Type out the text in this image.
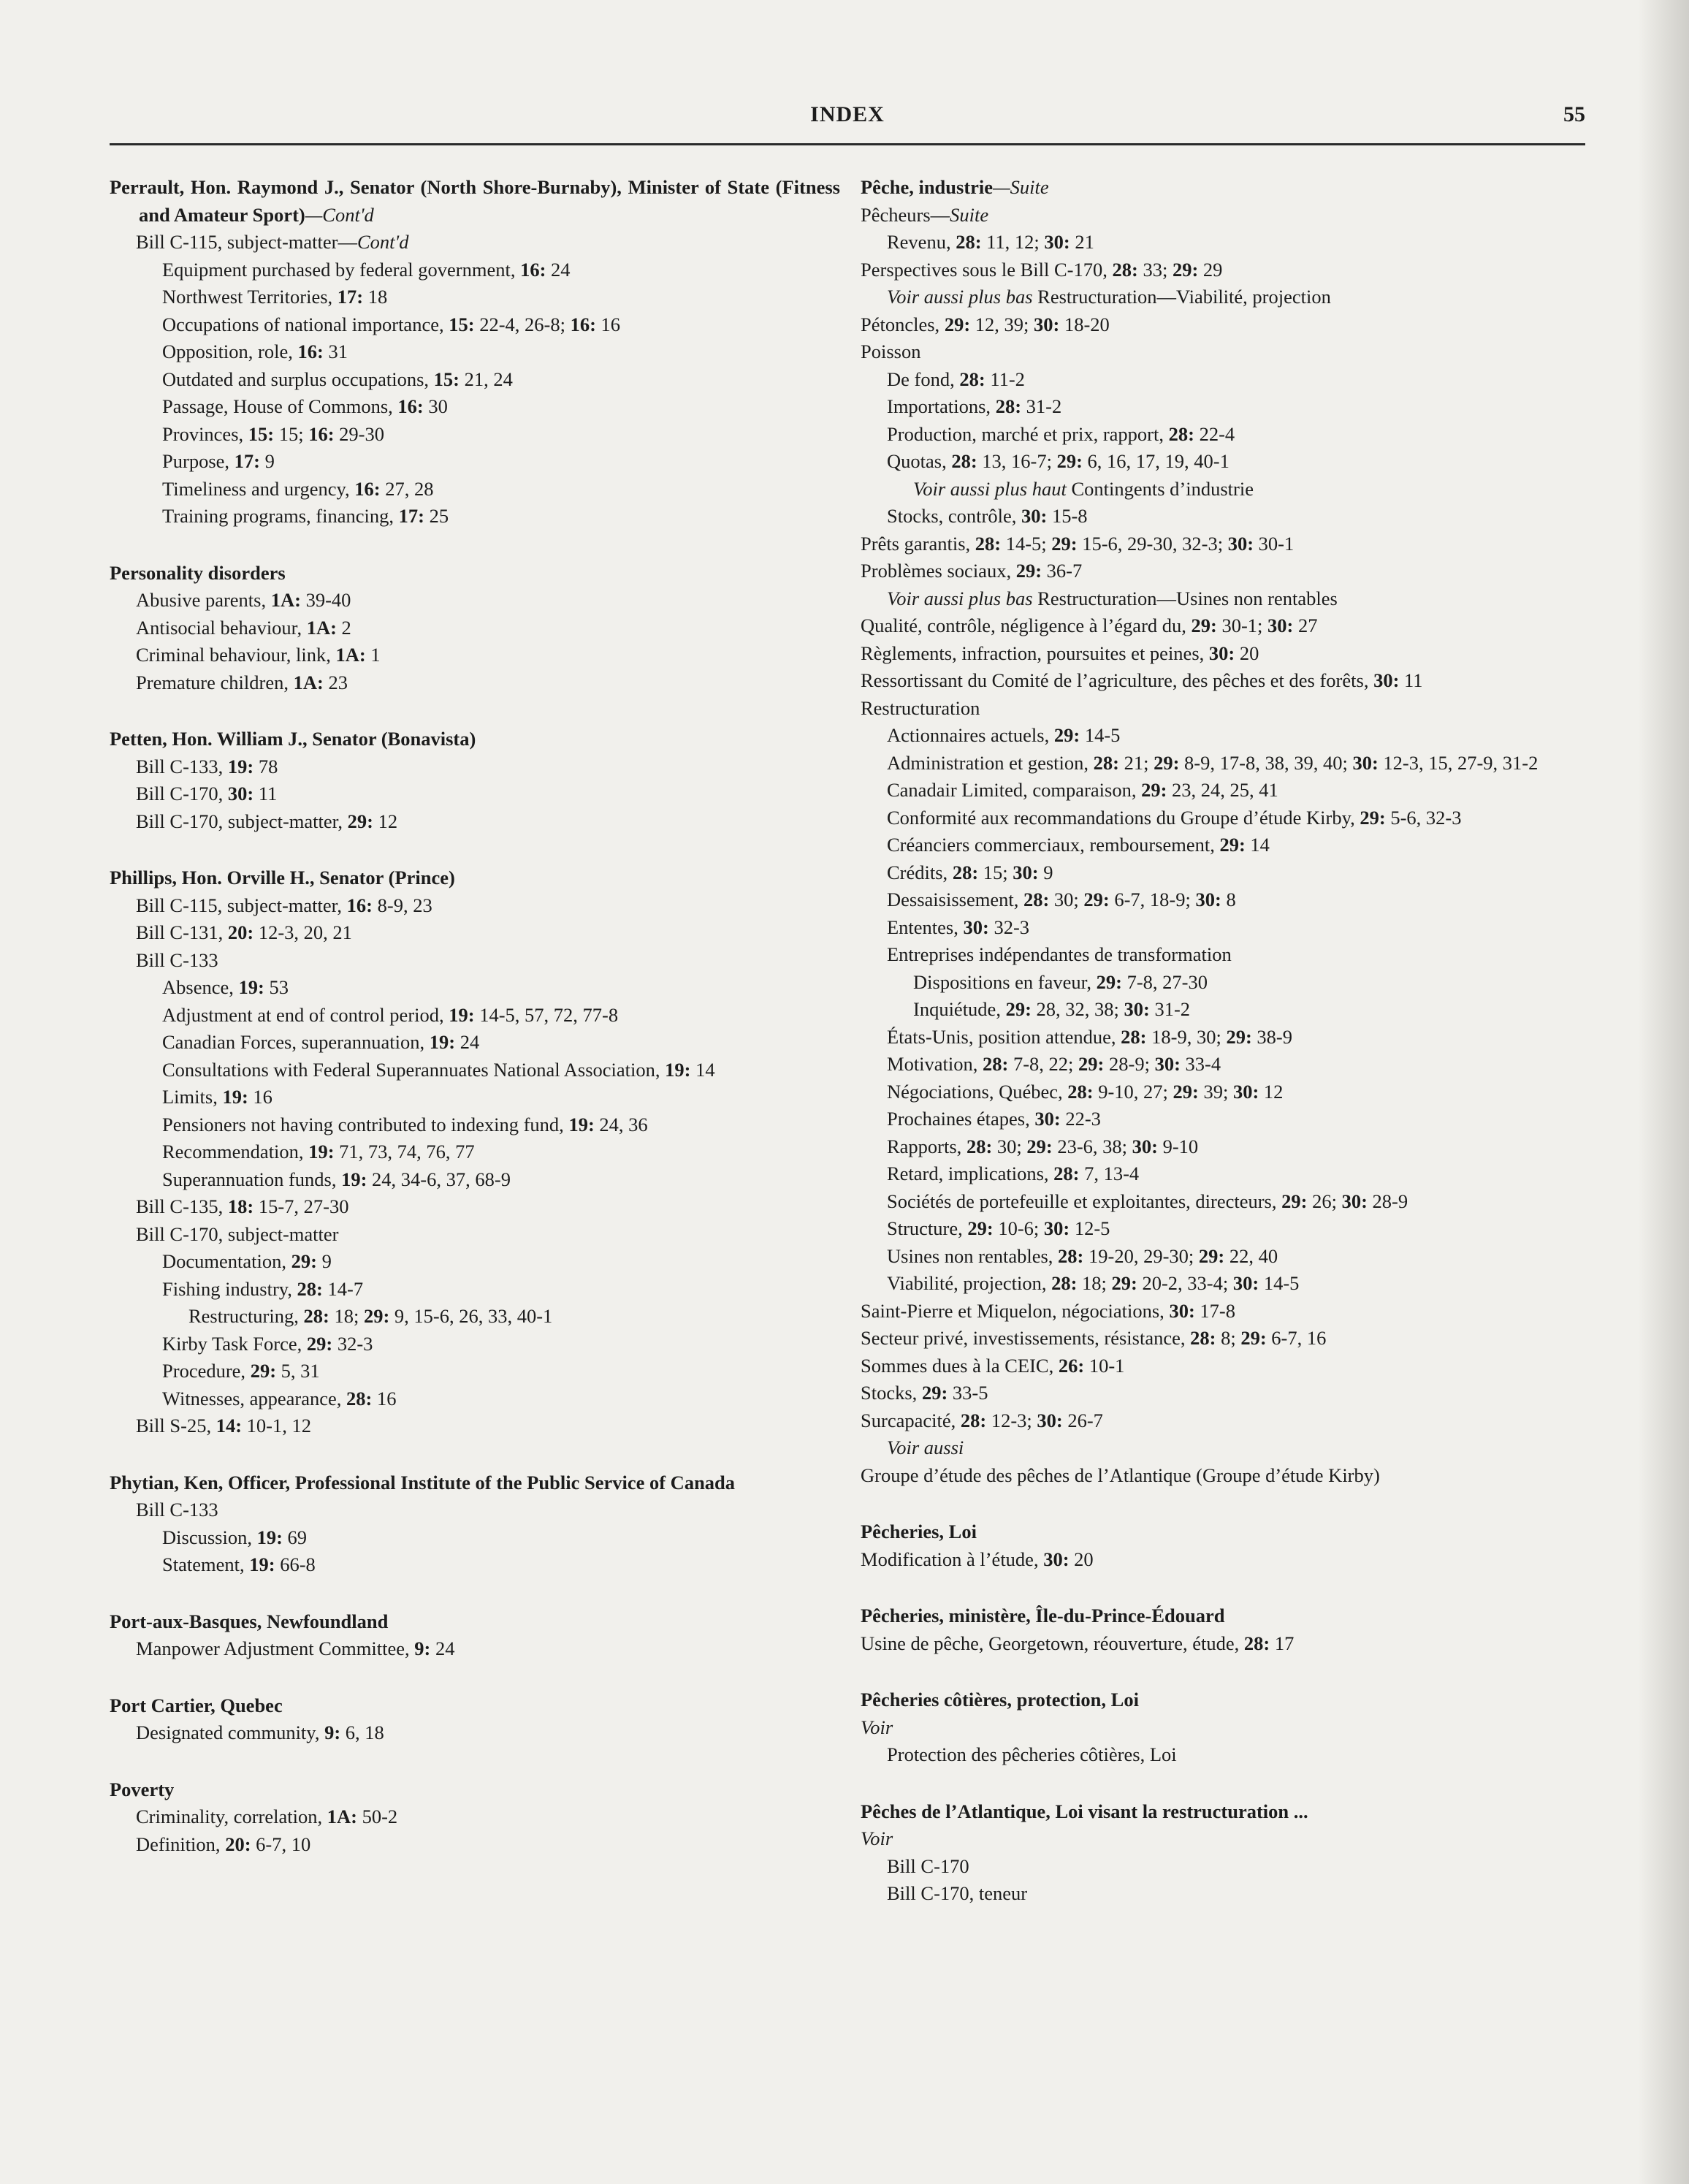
INDEX	55
Perrault, Hon. Raymond J., Senator (North Shore-Burnaby), Minister of State (Fitness and Amateur Sport)—Cont'd
Bill C-115, subject-matter—Cont'd
Equipment purchased by federal government, 16: 24
Northwest Territories, 17: 18
Occupations of national importance, 15: 22-4, 26-8; 16: 16
Opposition, role, 16: 31
Outdated and surplus occupations, 15: 21, 24
Passage, House of Commons, 16: 30
Provinces, 15: 15; 16: 29-30
Purpose, 17: 9
Timeliness and urgency, 16: 27, 28
Training programs, financing, 17: 25
Personality disorders
Abusive parents, 1A: 39-40
Antisocial behaviour, 1A: 2
Criminal behaviour, link, 1A: 1
Premature children, 1A: 23
Petten, Hon. William J., Senator (Bonavista)
Bill C-133, 19: 78
Bill C-170, 30: 11
Bill C-170, subject-matter, 29: 12
Phillips, Hon. Orville H., Senator (Prince)
Bill C-115, subject-matter, 16: 8-9, 23
Bill C-131, 20: 12-3, 20, 21
Bill C-133
Absence, 19: 53
Adjustment at end of control period, 19: 14-5, 57, 72, 77-8
Canadian Forces, superannuation, 19: 24
Consultations with Federal Superannuates National Association, 19: 14
Limits, 19: 16
Pensioners not having contributed to indexing fund, 19: 24, 36
Recommendation, 19: 71, 73, 74, 76, 77
Superannuation funds, 19: 24, 34-6, 37, 68-9
Bill C-135, 18: 15-7, 27-30
Bill C-170, subject-matter
Documentation, 29: 9
Fishing industry, 28: 14-7
Restructuring, 28: 18; 29: 9, 15-6, 26, 33, 40-1
Kirby Task Force, 29: 32-3
Procedure, 29: 5, 31
Witnesses, appearance, 28: 16
Bill S-25, 14: 10-1, 12
Phytian, Ken, Officer, Professional Institute of the Public Service of Canada
Bill C-133
Discussion, 19: 69
Statement, 19: 66-8
Port-aux-Basques, Newfoundland
Manpower Adjustment Committee, 9: 24
Port Cartier, Quebec
Designated community, 9: 6, 18
Poverty
Criminality, correlation, 1A: 50-2
Definition, 20: 6-7, 10
Pêche, industrie—Suite
Pêcheurs—Suite
Revenu, 28: 11, 12; 30: 21
Perspectives sous le Bill C-170, 28: 33; 29: 29
Voir aussi plus bas Restructuration—Viabilité, projection
Pétoncles, 29: 12, 39; 30: 18-20
Poisson
De fond, 28: 11-2
Importations, 28: 31-2
Production, marché et prix, rapport, 28: 22-4
Quotas, 28: 13, 16-7; 29: 6, 16, 17, 19, 40-1
Voir aussi plus haut Contingents d’industrie
Stocks, contrôle, 30: 15-8
Prêts garantis, 28: 14-5; 29: 15-6, 29-30, 32-3; 30: 30-1
Problèmes sociaux, 29: 36-7
Voir aussi plus bas Restructuration—Usines non rentables
Qualité, contrôle, négligence à l’égard du, 29: 30-1; 30: 27
Règlements, infraction, poursuites et peines, 30: 20
Ressortissant du Comité de l’agriculture, des pêches et des forêts, 30: 11
Restructuration
Actionnaires actuels, 29: 14-5
Administration et gestion, 28: 21; 29: 8-9, 17-8, 38, 39, 40; 30: 12-3, 15, 27-9, 31-2
Canadair Limited, comparaison, 29: 23, 24, 25, 41
Conformité aux recommandations du Groupe d’étude Kirby, 29: 5-6, 32-3
Créanciers commerciaux, remboursement, 29: 14
Crédits, 28: 15; 30: 9
Dessaisissement, 28: 30; 29: 6-7, 18-9; 30: 8
Ententes, 30: 32-3
Entreprises indépendantes de transformation
Dispositions en faveur, 29: 7-8, 27-30
Inquiétude, 29: 28, 32, 38; 30: 31-2
États-Unis, position attendue, 28: 18-9, 30; 29: 38-9
Motivation, 28: 7-8, 22; 29: 28-9; 30: 33-4
Négociations, Québec, 28: 9-10, 27; 29: 39; 30: 12
Prochaines étapes, 30: 22-3
Rapports, 28: 30; 29: 23-6, 38; 30: 9-10
Retard, implications, 28: 7, 13-4
Sociétés de portefeuille et exploitantes, directeurs, 29: 26; 30: 28-9
Structure, 29: 10-6; 30: 12-5
Usines non rentables, 28: 19-20, 29-30; 29: 22, 40
Viabilité, projection, 28: 18; 29: 20-2, 33-4; 30: 14-5
Saint-Pierre et Miquelon, négociations, 30: 17-8
Secteur privé, investissements, résistance, 28: 8; 29: 6-7, 16
Sommes dues à la CEIC, 26: 10-1
Stocks, 29: 33-5
Surcapacité, 28: 12-3; 30: 26-7
Voir aussi
Groupe d’étude des pêches de l’Atlantique (Groupe d’étude Kirby)
Pêcheries, Loi
Modification à l’étude, 30: 20
Pêcheries, ministère, Île-du-Prince-Édouard
Usine de pêche, Georgetown, réouverture, étude, 28: 17
Pêcheries côtières, protection, Loi
Voir
Protection des pêcheries côtières, Loi
Pêches de l’Atlantique, Loi visant la restructuration ...
Voir
Bill C-170
Bill C-170, teneur
